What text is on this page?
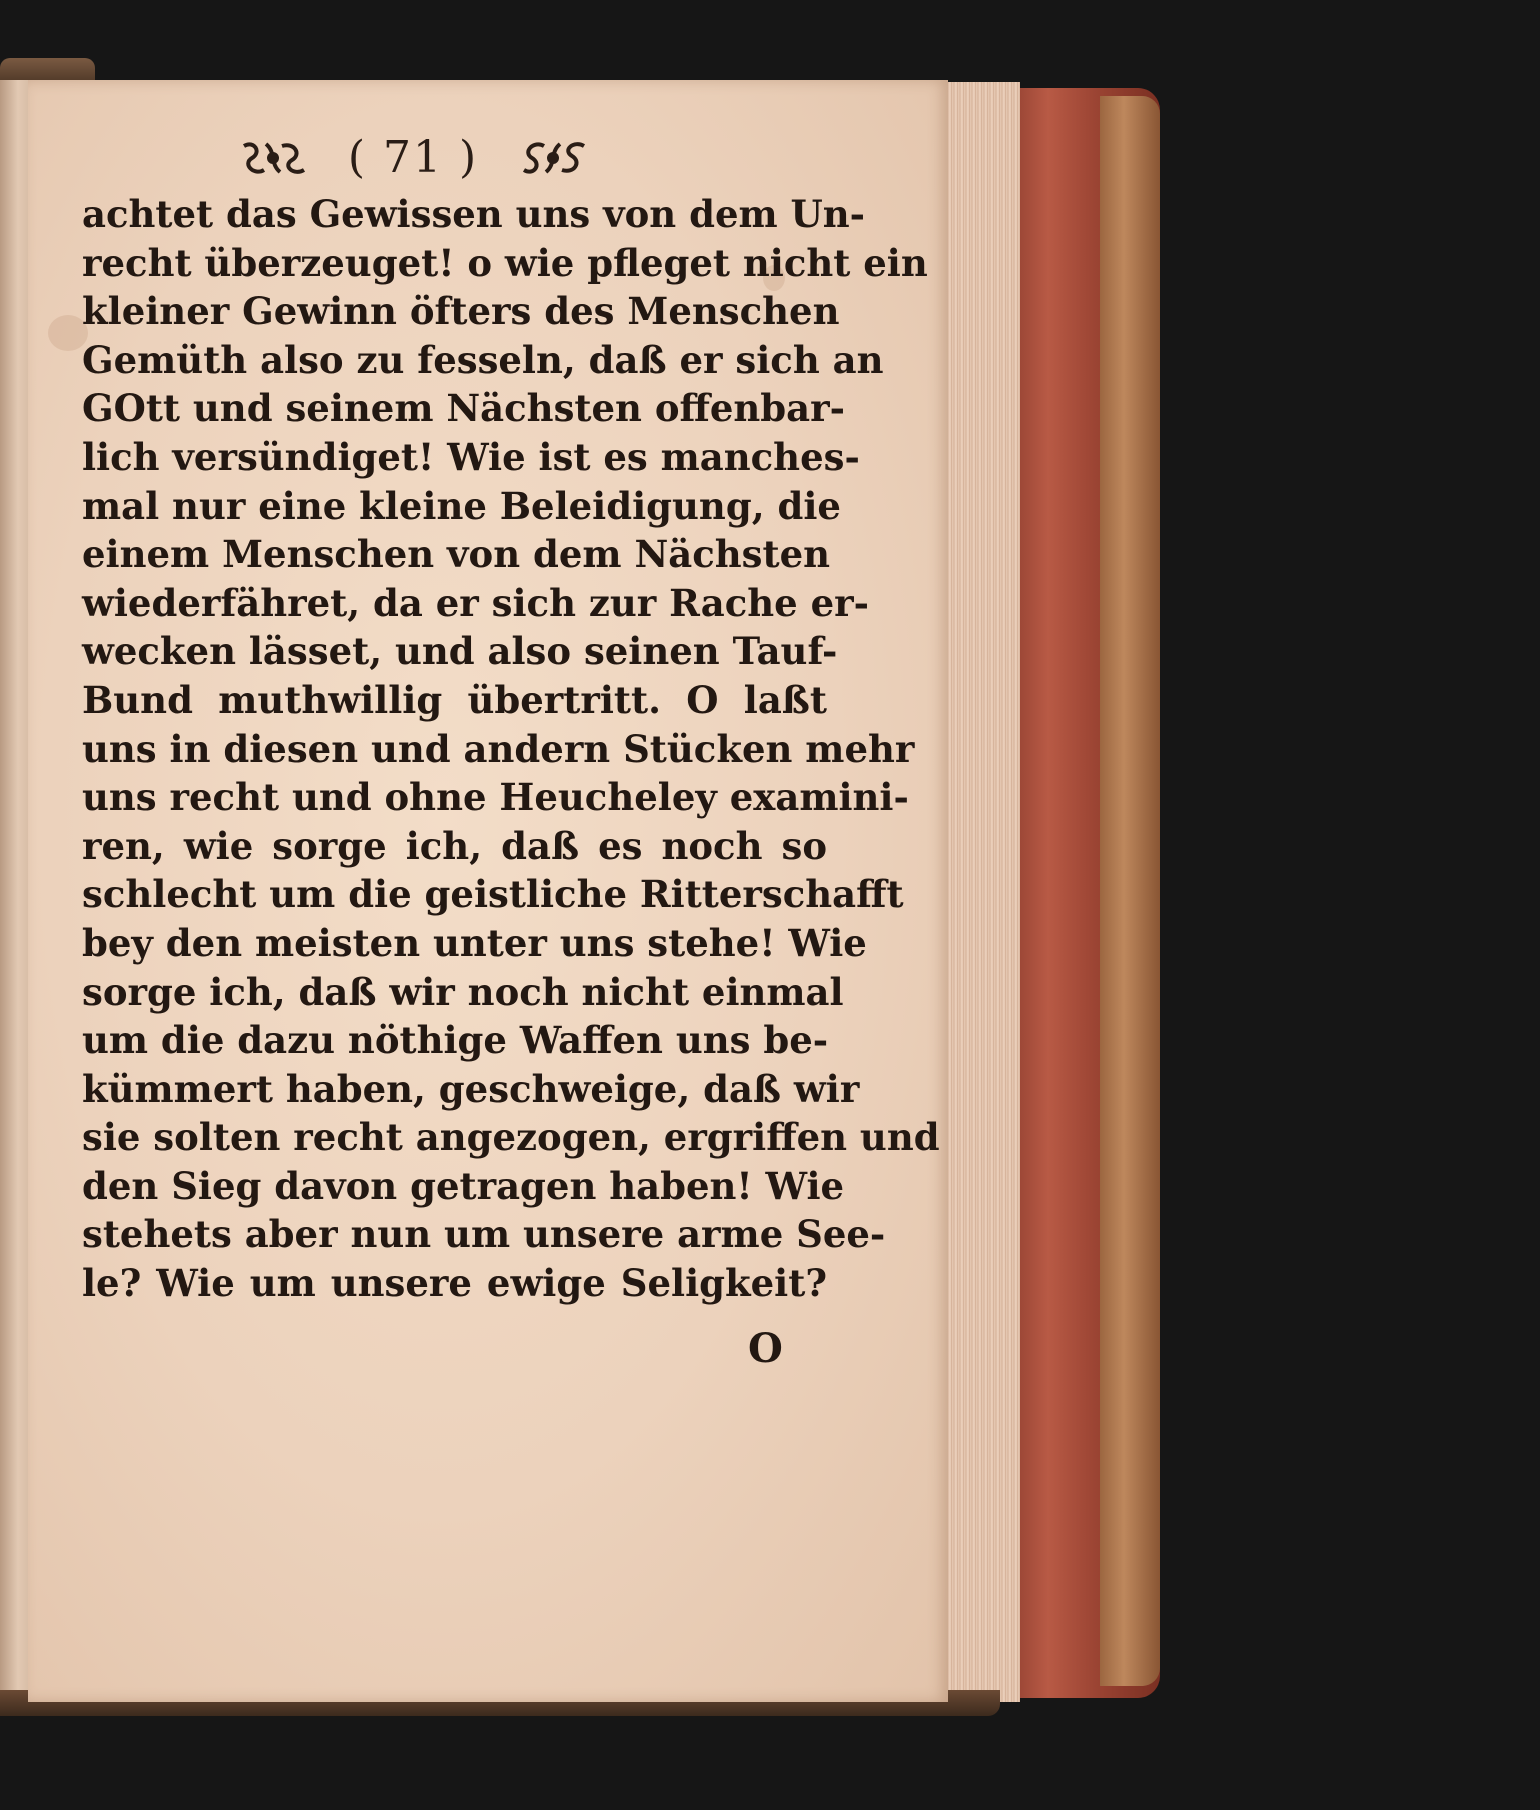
( 71 )
achtet das Gewissen uns von dem Un-
recht überzeuget! o wie pfleget nicht ein
kleiner Gewinn öfters des Menschen
Gemüth also zu fesseln, daß er sich an
GOtt und seinem Nächsten offenbar-
lich versündiget! Wie ist es manches-
mal nur eine kleine Beleidigung, die
einem Menschen von dem Nächsten
wiederfähret, da er sich zur Rache er-
wecken lässet, und also seinen Tauf-
Bund muthwillig übertritt. O laßt
uns in diesen und andern Stücken mehr
uns recht und ohne Heucheley examini-
ren, wie sorge ich, daß es noch so
schlecht um die geistliche Ritterschafft
bey den meisten unter uns stehe! Wie
sorge ich, daß wir noch nicht einmal
um die dazu nöthige Waffen uns be-
kümmert haben, geschweige, daß wir
sie solten recht angezogen, ergriffen und
den Sieg davon getragen haben! Wie
stehets aber nun um unsere arme See-
le? Wie um unsere ewige Seligkeit?
O
